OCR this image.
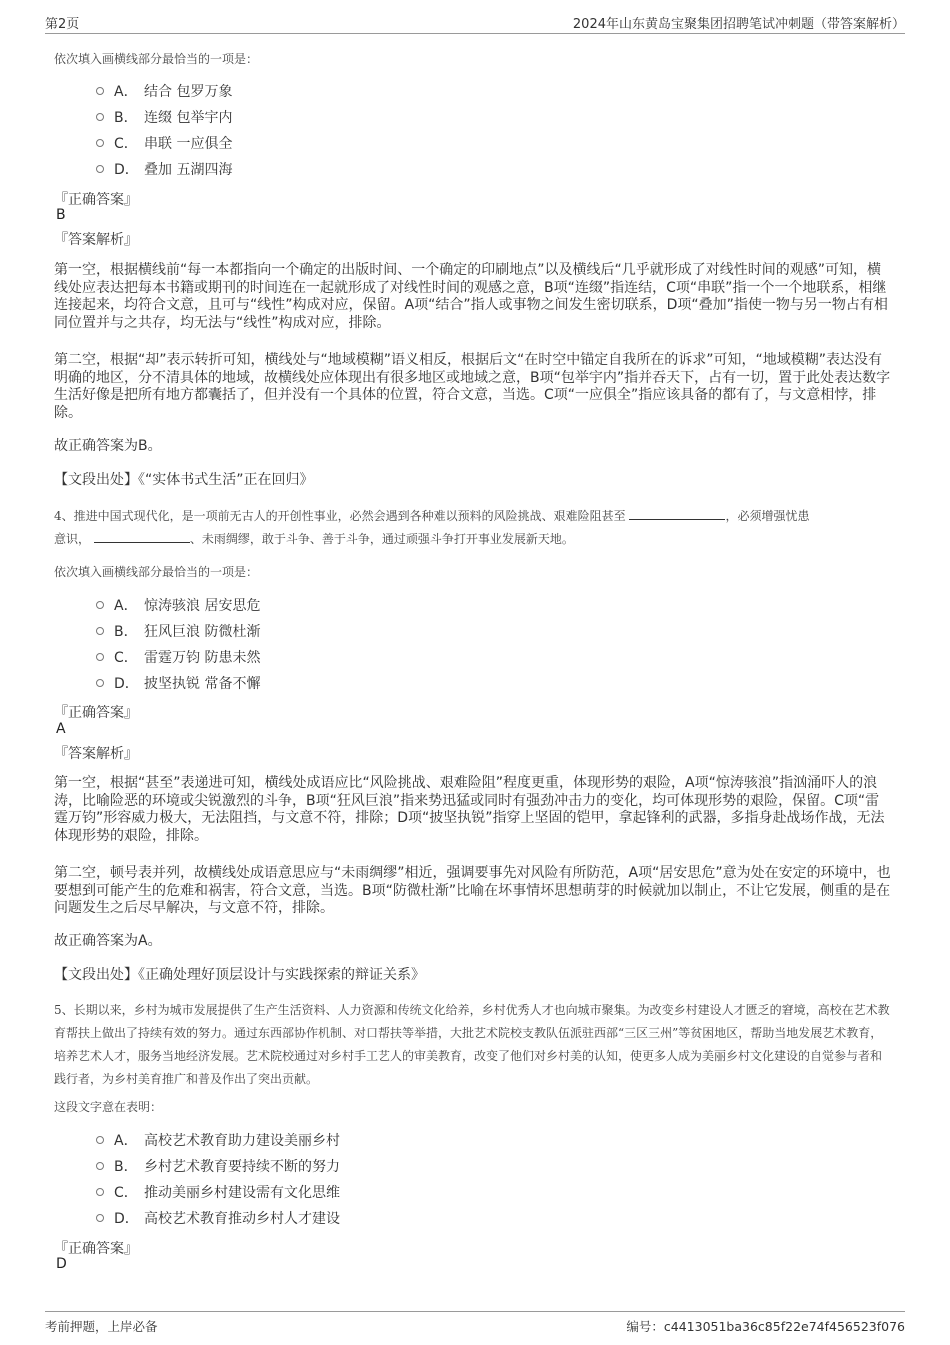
第2页	2024年山东黄岛宝聚集团招聘笔试冲刺题（带答案解析）
依次填入画横线部分最恰当的一项是：
A． 结合 包罗万象
B． 连缀 包举宇内
C． 串联 一应俱全
D． 叠加 五湖四海
『正确答案』
B
『答案解析』
第一空，根据横线前“每一本都指向一个确定的出版时间、一个确定的印刷地点”以及横线后“几乎就形成了对线性时间的观感”可知，横线处应表达把每本书籍或期刊的时间连在一起就形成了对线性时间的观感之意，B项“连缀”指连结，C项“串联”指一个一个地联系，相继连接起来，均符合文意，且可与“线性”构成对应，保留。A项“结合”指人或事物之间发生密切联系，D项“叠加”指使一物与另一物占有相同位置并与之共存，均无法与“线性”构成对应，排除。
第二空，根据“却”表示转折可知，横线处与“地域模糊”语义相反，根据后文“在时空中锚定自我所在的诉求”可知，“地域模糊”表达没有明确的地区，分不清具体的地域，故横线处应体现出有很多地区或地域之意，B项“包举宇内”指并吞天下，占有一切，置于此处表达数字生活好像是把所有地方都囊括了，但并没有一个具体的位置，符合文意，当选。C项“一应俱全”指应该具备的都有了，与文意相悖，排除。
故正确答案为B。
【文段出处】《“实体书式生活”正在回归》
4、推进中国式现代化，是一项前无古人的开创性事业，必然会遇到各种难以预料的风险挑战、艰难险阻甚至	，必须增强忧患
意识，	、未雨绸缪，敢于斗争、善于斗争，通过顽强斗争打开事业发展新天地。
依次填入画横线部分最恰当的一项是：
A． 惊涛骇浪 居安思危
B． 狂风巨浪 防微杜渐
C． 雷霆万钧 防患未然
D． 披坚执锐 常备不懈
『正确答案』
A
『答案解析』
第一空，根据“甚至”表递进可知，横线处成语应比“风险挑战、艰难险阻”程度更重，体现形势的艰险，A项“惊涛骇浪”指汹涌吓人的浪涛，比喻险恶的环境或尖锐激烈的斗争，B项“狂风巨浪”指来势迅猛或同时有强劲冲击力的变化，均可体现形势的艰险，保留。C项“雷霆万钧”形容威力极大，无法阻挡，与文意不符，排除；D项“披坚执锐”指穿上坚固的铠甲，拿起锋利的武器，多指身赴战场作战，无法体现形势的艰险，排除。
第二空，顿号表并列，故横线处成语意思应与“未雨绸缪”相近，强调要事先对风险有所防范，A项“居安思危”意为处在安定的环境中，也要想到可能产生的危难和祸害，符合文意，当选。B项“防微杜渐”比喻在坏事情坏思想萌芽的时候就加以制止，不让它发展，侧重的是在问题发生之后尽早解决，与文意不符，排除。
故正确答案为A。
【文段出处】《正确处理好顶层设计与实践探索的辩证关系》
5、长期以来，乡村为城市发展提供了生产生活资料、人力资源和传统文化给养，乡村优秀人才也向城市聚集。为改变乡村建设人才匮乏的窘境，高校在艺术教育帮扶上做出了持续有效的努力。通过东西部协作机制、对口帮扶等举措，大批艺术院校支教队伍派驻西部“三区三州”等贫困地区，帮助当地发展艺术教育，培养艺术人才，服务当地经济发展。艺术院校通过对乡村手工艺人的审美教育，改变了他们对乡村美的认知，使更多人成为美丽乡村文化建设的自觉参与者和践行者，为乡村美育推广和普及作出了突出贡献。
这段文字意在表明：
A． 高校艺术教育助力建设美丽乡村
B． 乡村艺术教育要持续不断的努力
C． 推动美丽乡村建设需有文化思维
D． 高校艺术教育推动乡村人才建设
『正确答案』
D
考前押题，上岸必备	编号：c4413051ba36c85f22e74f456523f076
